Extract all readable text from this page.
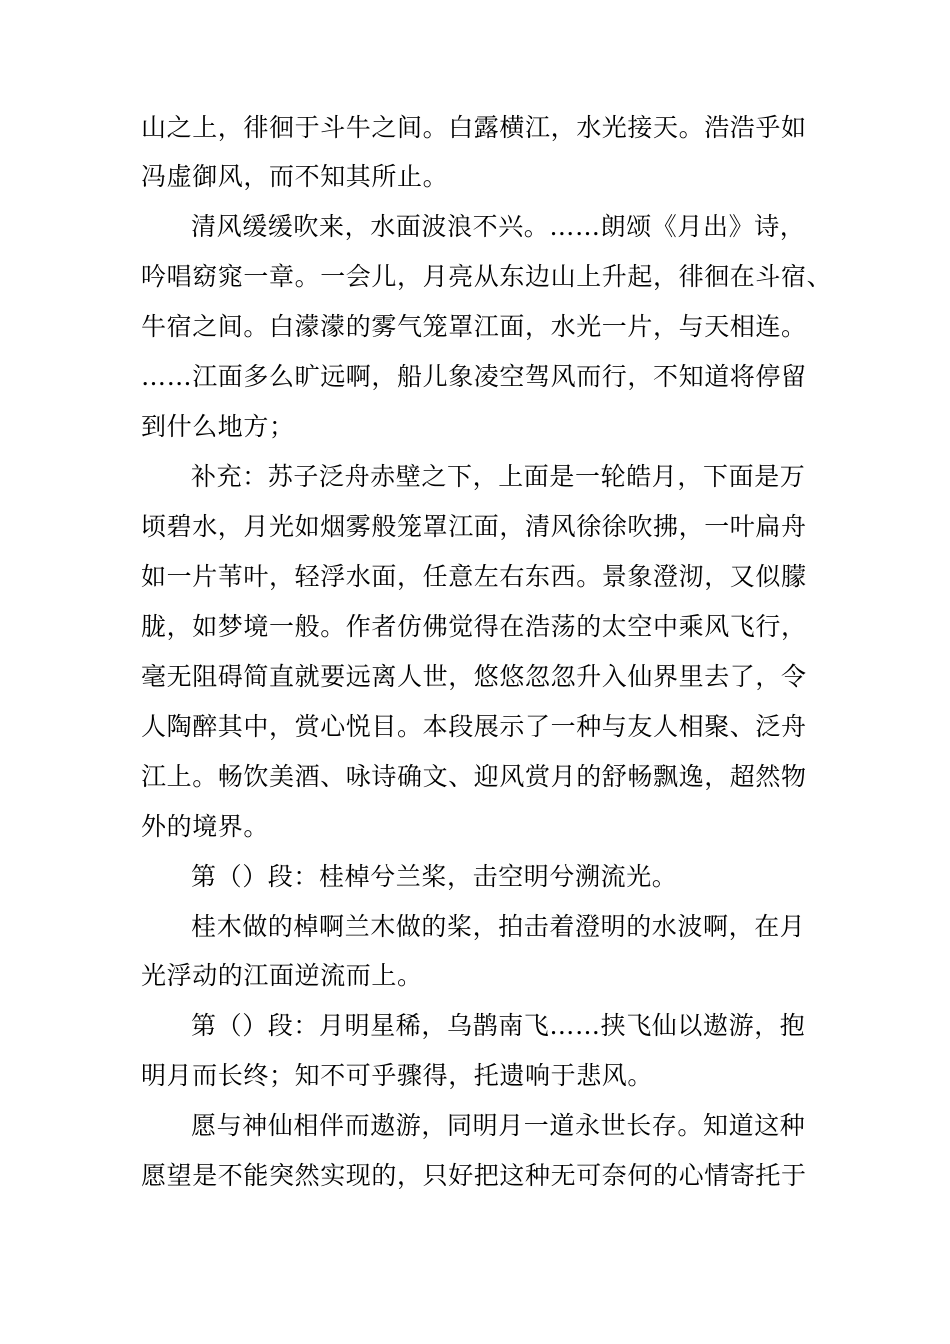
山之上，徘徊于斗牛之间。白露横江，水光接天。浩浩乎如
冯虚御风，而不知其所止。
清风缓缓吹来，水面波浪不兴。……朗颂《月出》诗，
吟唱窈窕一章。一会儿，月亮从东边山上升起，徘徊在斗宿、
牛宿之间。白濛濛的雾气笼罩江面，水光一片，与天相连。
……江面多么旷远啊，船儿象凌空驾风而行，不知道将停留
到什么地方；
补充：苏子泛舟赤壁之下，上面是一轮皓月，下面是万
顷碧水，月光如烟雾般笼罩江面，清风徐徐吹拂，一叶扁舟
如一片苇叶，轻浮水面，任意左右东西。景象澄沏，又似朦
胧，如梦境一般。作者仿佛觉得在浩荡的太空中乘风飞行，
毫无阻碍简直就要远离人世，悠悠忽忽升入仙界里去了，令
人陶醉其中，赏心悦目。本段展示了一种与友人相聚、泛舟
江上。畅饮美酒、咏诗确文、迎风赏月的舒畅飘逸，超然物
外的境界。
第（）段：桂棹兮兰桨，击空明兮溯流光。
桂木做的棹啊兰木做的桨，拍击着澄明的水波啊，在月
光浮动的江面逆流而上。
第（）段：月明星稀，乌鹊南飞……挟飞仙以遨游，抱
明月而长终；知不可乎骤得，托遗响于悲风。
愿与神仙相伴而遨游，同明月一道永世长存。知道这种
愿望是不能突然实现的，只好把这种无可奈何的心情寄托于
